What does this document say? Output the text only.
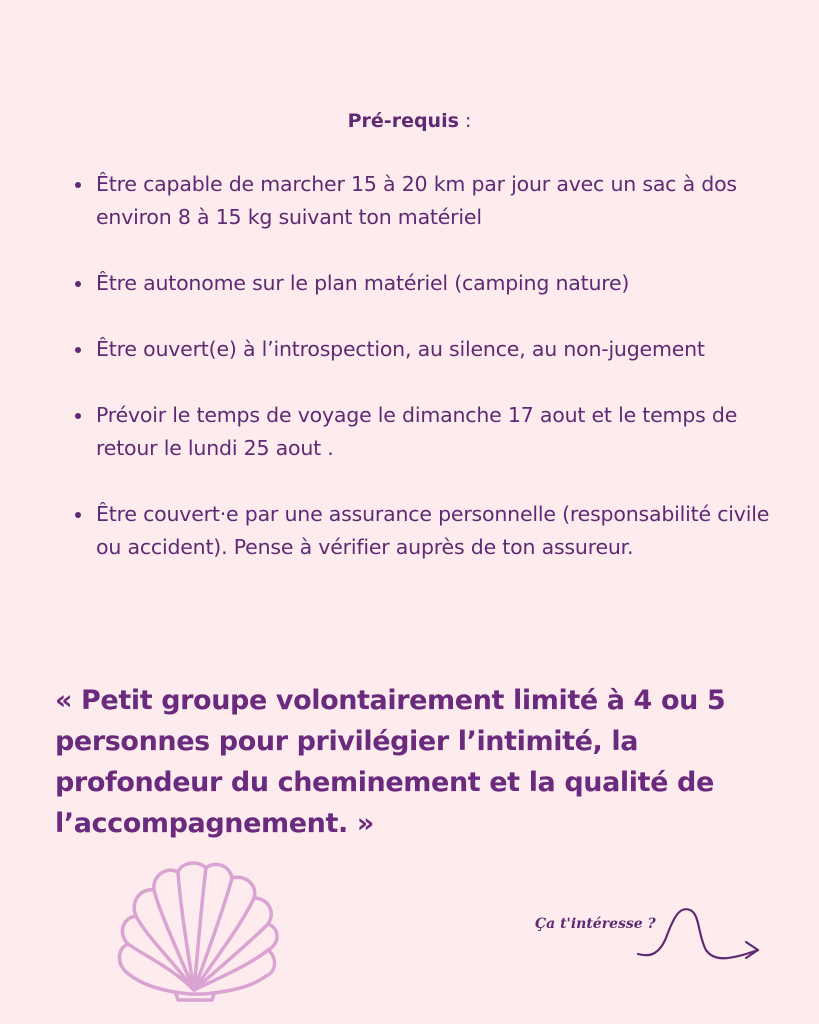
Pré-requis :
Être capable de marcher 15 à 20 km par jour avec un sac à dos environ 8 à 15 kg suivant ton matériel
Être autonome sur le plan matériel (camping nature)
Être ouvert(e) à l’introspection, au silence, au non-jugement
Prévoir le temps de voyage le dimanche 17 aout et le temps de retour le lundi 25 aout .
Être couvert·e par une assurance personnelle (responsabilité civile ou accident). Pense à vérifier auprès de ton assureur.
« Petit groupe volontairement limité à 4 ou 5 personnes pour privilégier l’intimité, la profondeur du cheminement et la qualité de l’accompagnement. »
Ça t'intéresse ?
